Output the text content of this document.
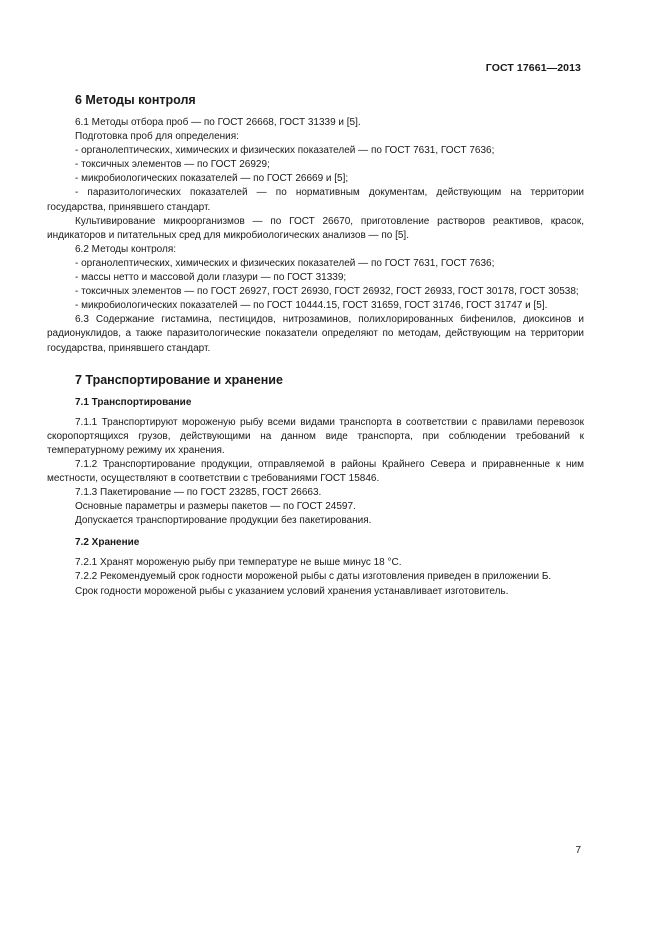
ГОСТ 17661—2013
6 Методы контроля

6.1 Методы отбора проб — по ГОСТ 26668, ГОСТ 31339 и [5].

Подготовка проб для определения:

- органолептических, химических и физических показателей — по ГОСТ 7631, ГОСТ 7636;

- токсичных элементов — по ГОСТ 26929;

- микробиологических показателей — по ГОСТ 26669 и [5];

- паразитологических показателей — по нормативным документам, действующим на территории государства, принявшего стандарт.

Культивирование микроорганизмов — по ГОСТ 26670, приготовление растворов реактивов, краcок, индикаторов и питательных сред для микробиологических анализов — по [5].

6.2 Методы контроля:

- органолептических, химических и физических показателей — по ГОСТ 7631, ГОСТ 7636;

- массы нетто и массовой доли глазури — по ГОСТ 31339;

- токсичных элементов — по ГОСТ 26927, ГОСТ 26930, ГОСТ 26932, ГОСТ 26933, ГОСТ 30178, ГОСТ 30538;

- микробиологических показателей — по ГОСТ 10444.15, ГОСТ 31659, ГОСТ 31746, ГОСТ 31747 и [5].

6.3 Содержание гистамина, пестицидов, нитрозаминов, полихлорированных бифенилов, диоксинов и радионуклидов, а также паразитологические показатели определяют по методам, действующим на территории государства, принявшего стандарт.

7 Транспортирование и хранение
7.1 Транспортирование

7.1.1 Транспортируют мороженую рыбу всеми видами транспорта в соответствии с правилами перевозок скоропортящихся грузов, действующими на данном виде транспорта, при соблюдении требований к температурному режиму их хранения.

7.1.2 Транспортирование продукции, отправляемой в районы Крайнего Севера и приравненные к ним местности, осуществляют в соответствии с требованиями ГОСТ 15846.

7.1.3 Пакетирование — по ГОСТ 23285, ГОСТ 26663.

Основные параметры и размеры пакетов — по ГОСТ 24597.

Допускается транспортирование продукции без пакетирования.

7.2 Хранение

7.2.1 Хранят мороженую рыбу при температуре не выше минус 18 °С.

7.2.2 Рекомендуемый срок годности мороженой рыбы с даты изготовления приведен в приложении Б.

Срок годности мороженой рыбы с указанием условий хранения устанавливает изготовитель.

7
